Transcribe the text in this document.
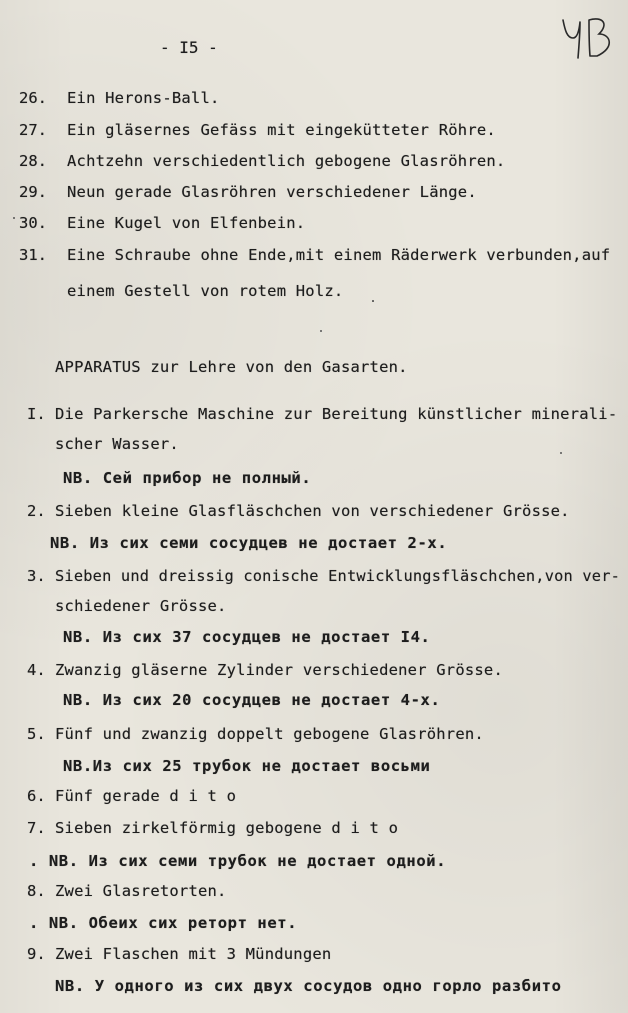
- I5 -
26. Ein Herons-Ball.
27. Ein gläsernes Gefäss mit eingekütteter Röhre.
28. Achtzehn verschiedentlich gebogene Glasröhren.
29. Neun gerade Glasröhren verschiedener Länge.
30. Eine Kugel von Elfenbein.
31. Eine Schraube ohne Ende,mit einem Räderwerk verbunden,auf
einem Gestell von rotem Holz.
APPARATUS zur Lehre von den Gasarten.
I. Die Parkersche Maschine zur Bereitung künstlicher minerali-
scher Wasser.
NB. Сей прибор не полный.
2. Sieben kleine Glasfläschchen von verschiedener Grösse.
NB. Из сих семи сосудцев не достает 2-х.
3. Sieben und dreissig conische Entwicklungsfläschchen,von ver-
schiedener Grösse.
NB. Из сих 37 сосудцев не достает I4.
4. Zwanzig gläserne Zylinder verschiedener Grösse.
NB. Из сих 20 сосудцев не достает 4-х.
5. Fünf und zwanzig doppelt gebogene Glasröhren.
NB.Из сих 25 трубок не достает восьми
6. Fünf gerade d i t o
7. Sieben zirkelförmig gebogene d i t o
. NB. Из сих семи трубок не достает одной.
8. Zwei Glasretorten.
. NB. Обеих сих реторт нет.
9. Zwei Flaschen mit 3 Mündungen
NB. У одного из сих двух сосудов одно горло разбито
